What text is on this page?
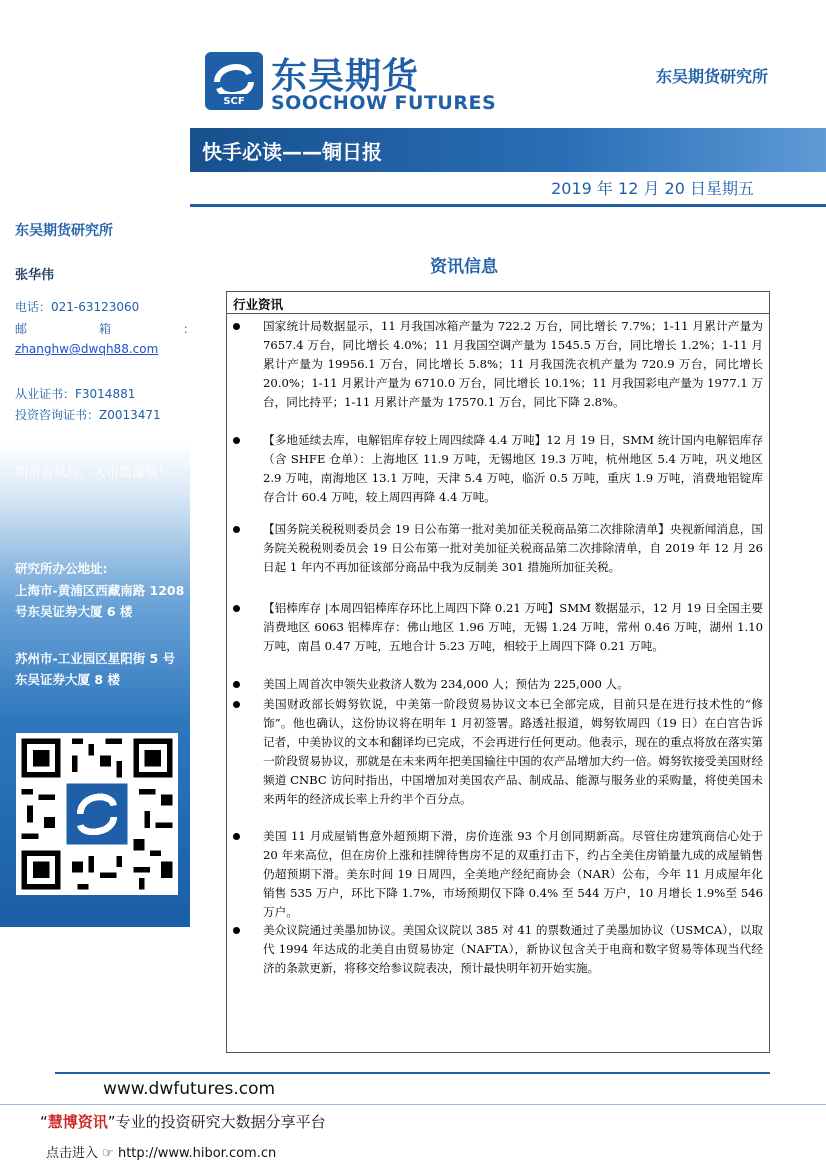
SCF
东吴期货
SOOCHOW FUTURES
东吴期货研究所
快手必读——铜日报
2019 年 12 月 20 日星期五
东吴期货研究所
张华伟
电话：021-63123060
邮　　　　　　箱　　　　　　：
zhanghw@dwqh88.com
从业证书：F3014881
投资咨询证书：Z0013471
期市有风险，入市需谨慎！
研究所办公地址:
上海市-黄浦区西藏南路 1208 号东吴证券大厦 6 楼
苏州市-工业园区星阳街 5 号东吴证券大厦 8 楼
资讯信息
行业资讯
国家统计局数据显示，11 月我国冰箱产量为 722.2 万台，同比增长 7.7%；1-11 月累计产量为 7657.4 万台，同比增长 4.0%；11 月我国空调产量为 1545.5 万台，同比增长 1.2%；1-11 月累计产量为 19956.1 万台，同比增长 5.8%；11 月我国洗衣机产量为 720.9 万台，同比增长 20.0%；1-11 月累计产量为 6710.0 万台，同比增长 10.1%；11 月我国彩电产量为 1977.1 万台，同比持平；1-11 月累计产量为 17570.1 万台，同比下降 2.8%。
【多地延续去库，电解铝库存较上周四续降 4.4 万吨】12 月 19 日，SMM 统计国内电解铝库存（含 SHFE 仓单）：上海地区 11.9 万吨，无锡地区 19.3 万吨，杭州地区 5.4 万吨，巩义地区 2.9 万吨，南海地区 13.1 万吨，天津 5.4 万吨，临沂 0.5 万吨，重庆 1.9 万吨，消费地铝锭库存合计 60.4 万吨，较上周四再降 4.4 万吨。
【国务院关税税则委员会 19 日公布第一批对美加征关税商品第二次排除清单】央视新闻消息，国务院关税税则委员会 19 日公布第一批对美加征关税商品第二次排除清单，自 2019 年 12 月 26 日起 1 年内不再加征该部分商品中我为反制美 301 措施所加征关税。
【铝棒库存 |本周四铝棒库存环比上周四下降 0.21 万吨】SMM 数据显示，12 月 19 日全国主要消费地区 6063 铝棒库存：佛山地区 1.96 万吨，无锡 1.24 万吨，常州 0.46 万吨，湖州 1.10 万吨，南昌 0.47 万吨，五地合计 5.23 万吨，相较于上周四下降 0.21 万吨。
美国上周首次申领失业救济人数为 234,000 人；预估为 225,000 人。
美国财政部长姆努钦说，中美第一阶段贸易协议文本已全部完成，目前只是在进行技术性的“修饰”。他也确认，这份协议将在明年 1 月初签署。路透社报道，姆努钦周四（19 日）在白宫告诉记者，中美协议的文本和翻译均已完成，不会再进行任何更动。他表示，现在的重点将放在落实第一阶段贸易协议，那就是在未来两年把美国输往中国的农产品增加大约一倍。姆努钦接受美国财经频道 CNBC 访问时指出，中国增加对美国农产品、制成品、能源与服务业的采购量，将使美国未来两年的经济成长率上升约半个百分点。
美国 11 月成屋销售意外超预期下滑，房价连涨 93 个月创同期新高。尽管住房建筑商信心处于 20 年来高位，但在房价上涨和挂牌待售房不足的双重打击下，约占全美住房销量九成的成屋销售仍超预期下滑。美东时间 19 日周四，全美地产经纪商协会（NAR）公布，今年 11 月成屋年化销售 535 万户，环比下降 1.7%，市场预期仅下降 0.4% 至 544 万户，10 月增长 1.9%至 546 万户。
美众议院通过美墨加协议。美国众议院以 385 对 41 的票数通过了美墨加协议（USMCA），以取代 1994 年达成的北美自由贸易协定（NAFTA），新协议包含关于电商和数字贸易等体现当代经济的条款更新，将移交给参议院表决，预计最快明年初开始实施。
www.dwfutures.com
“慧博资讯”专业的投资研究大数据分享平台
点击进入 ☞ http://www.hibor.com.cn
